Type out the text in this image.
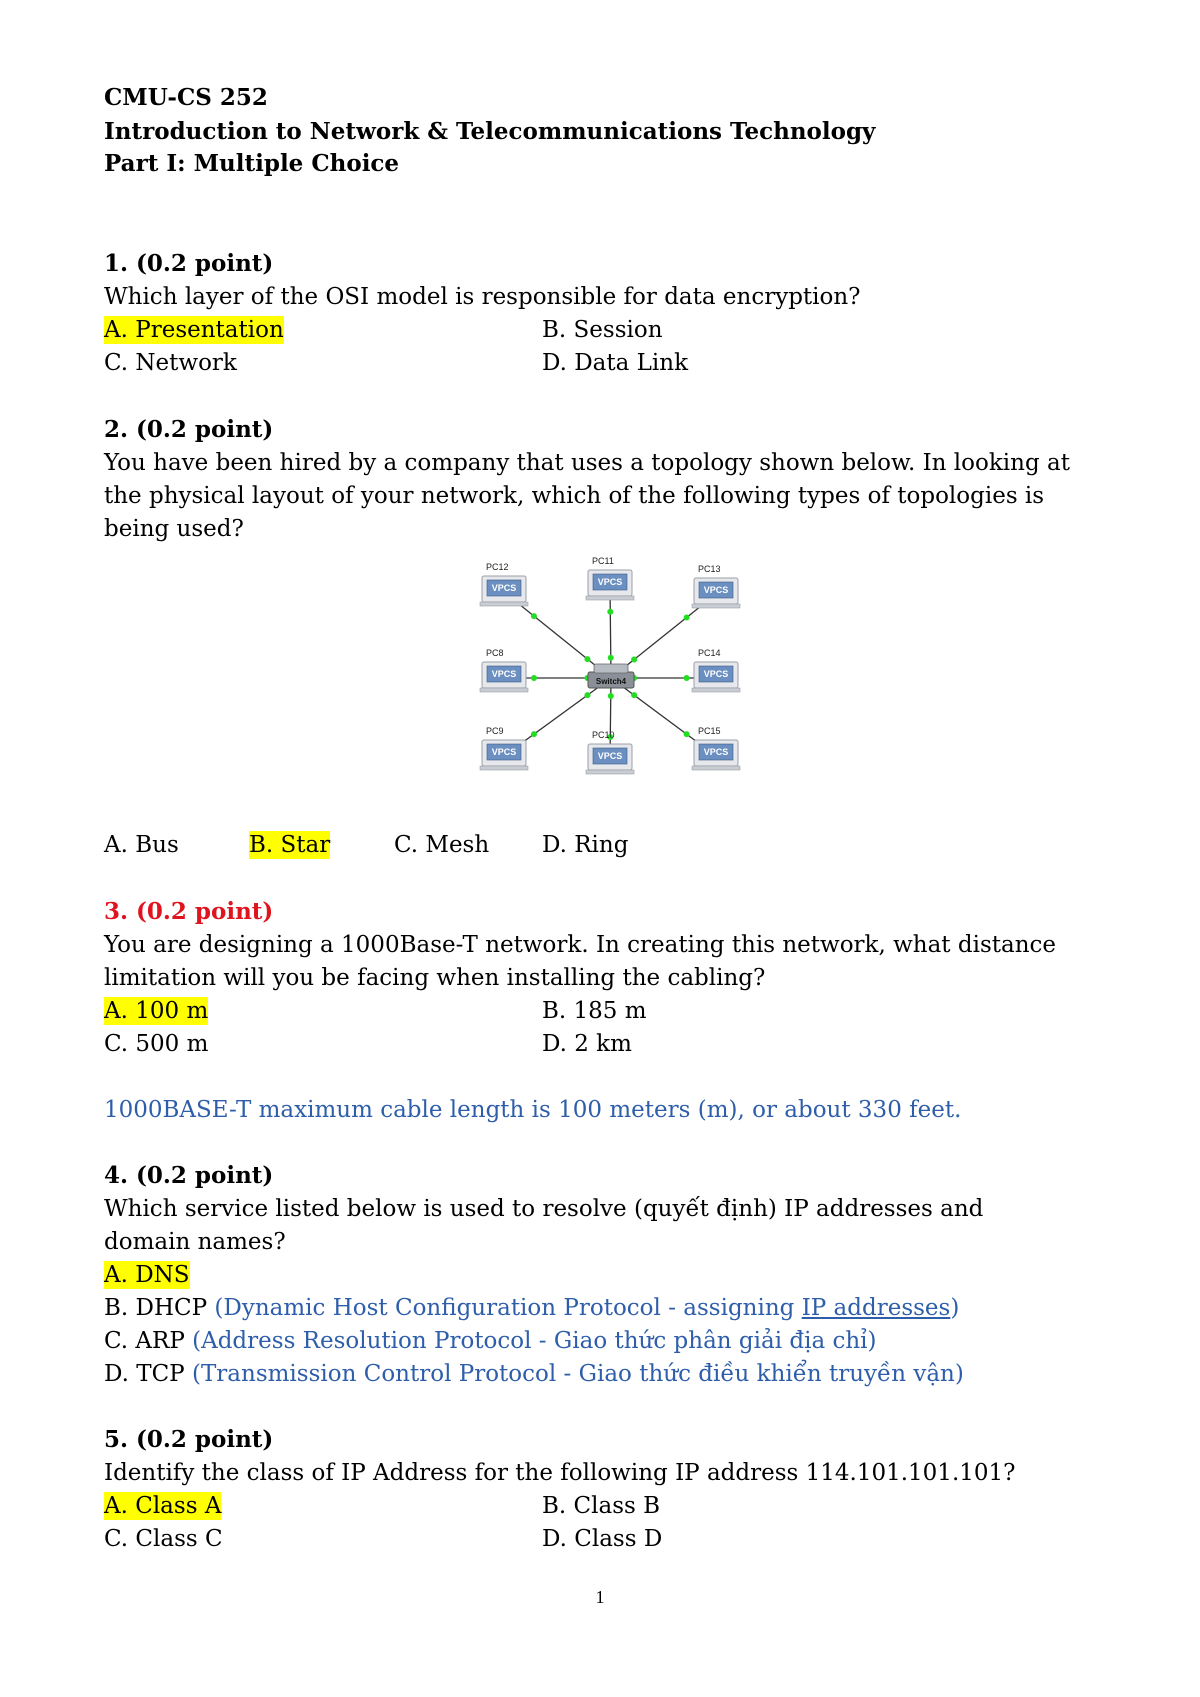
CMU-CS 252
Introduction to Network & Telecommunications Technology
Part I: Multiple Choice
1. (0.2 point)
Which layer of the OSI model is responsible for data encryption?
A. Presentation	B. Session
C. Network	D. Data Link
2. (0.2 point)
You have been hired by a company that uses a topology shown below. In looking at
the physical layout of your network, which of the following types of topologies is
being used?
PC12
VPCS
PC11
VPCS
PC13
VPCS
PC8
VPCS
PC14
VPCS
PC9
VPCS
PC10
VPCS
PC15
VPCS
Switch4
A. Bus	B. Star	C. Mesh D. Ring
3. (0.2 point)
You are designing a 1000Base-T network. In creating this network, what distance
limitation will you be facing when installing the cabling?
A. 100 m	B. 185 m
C. 500 m	D. 2 km
1000BASE-T maximum cable length is 100 meters (m), or about 330 feet.
4. (0.2 point)
Which service listed below is used to resolve (quyết định) IP addresses and
domain names?
A. DNS
B. DHCP (Dynamic Host Configuration Protocol - assigning IP addresses)
C. ARP (Address Resolution Protocol - Giao thức phân giải địa chỉ)
D. TCP (Transmission Control Protocol - Giao thức điều khiển truyền vận)
5. (0.2 point)
Identify the class of IP Address for the following IP address 114.101.101.101?
A. Class A	B. Class B
C. Class C	D. Class D
1
